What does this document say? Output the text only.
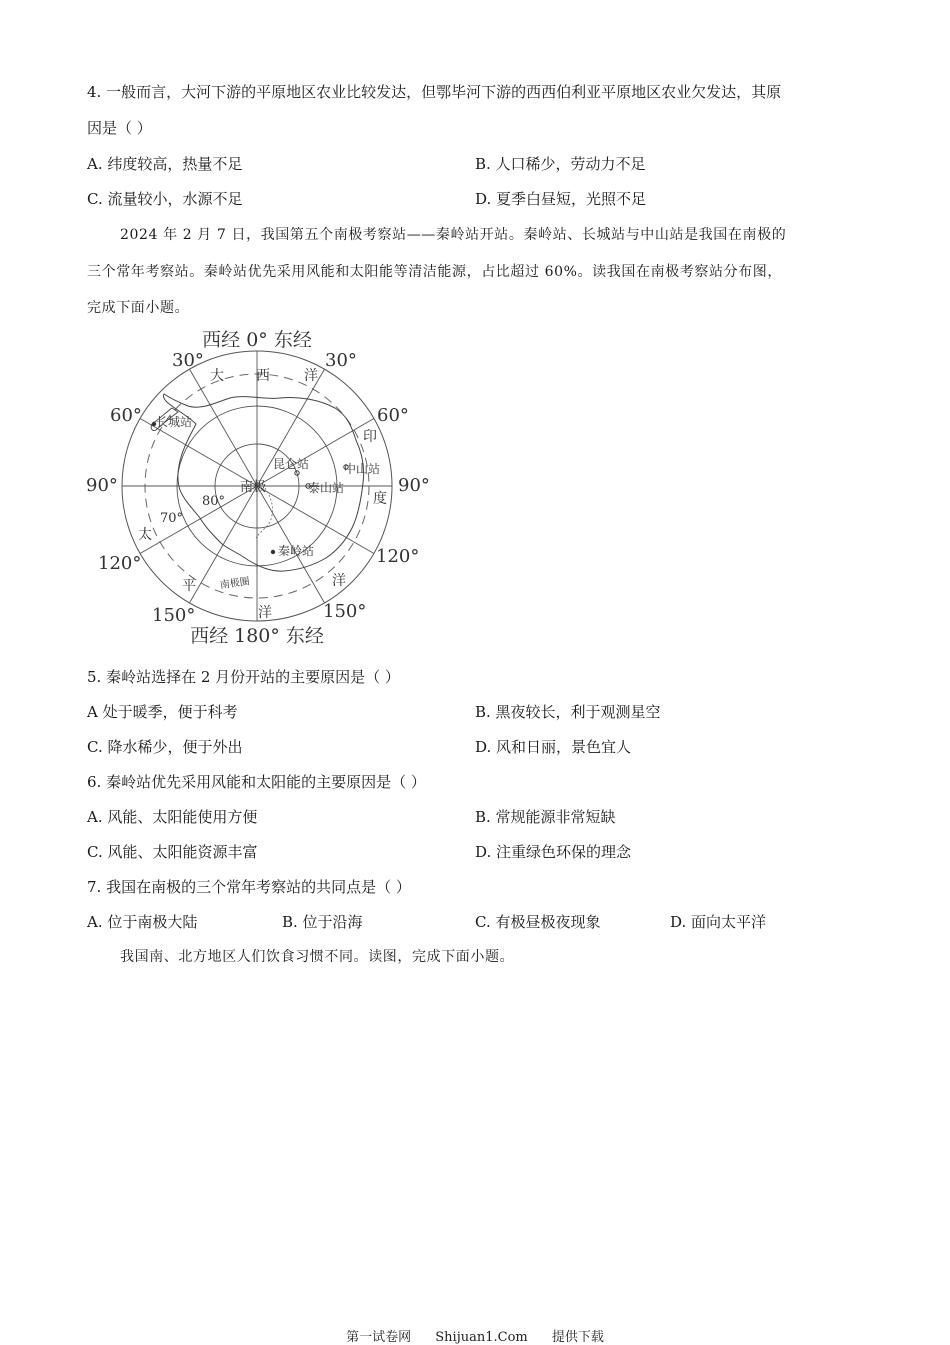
4. 一般而言，大河下游的平原地区农业比较发达，但鄂毕河下游的西西伯利亚平原地区农业欠发达，其原
因是（ ）
A. 纬度较高，热量不足	B. 人口稀少，劳动力不足
C. 流量较小，水源不足	D. 夏季白昼短，光照不足
2024 年 2 月 7 日，我国第五个南极考察站——秦岭站开站。秦岭站、长城站与中山站是我国在南极的
三个常年考察站。秦岭站优先采用风能和太阳能等清洁能源，占比超过 60%。读我国在南极考察站分布图，
完成下面小题。
西经 0° 东经
西经 180° 东经
30°	30°
60°	60°
90°	90°
120°	120°
150°	150°
80°
70°
南极
南极圈
大 西 洋
印
度
太
平
洋
洋
长城站
昆仑站	中山站
泰山站
秦岭站
5. 秦岭站选择在 2 月份开站的主要原因是（ ）
A 处于暖季，便于科考	B. 黑夜较长，利于观测星空
C. 降水稀少，便于外出	D. 风和日丽，景色宜人
6. 秦岭站优先采用风能和太阳能的主要原因是（ ）
A. 风能、太阳能使用方便	B. 常规能源非常短缺
C. 风能、太阳能资源丰富	D. 注重绿色环保的理念
7. 我国在南极的三个常年考察站的共同点是（ ）
A. 位于南极大陆	B. 位于沿海	C. 有极昼极夜现象	D. 面向太平洋
我国南、北方地区人们饮食习惯不同。读图，完成下面小题。
第一试卷网 Shijuan1.Com 提供下载
